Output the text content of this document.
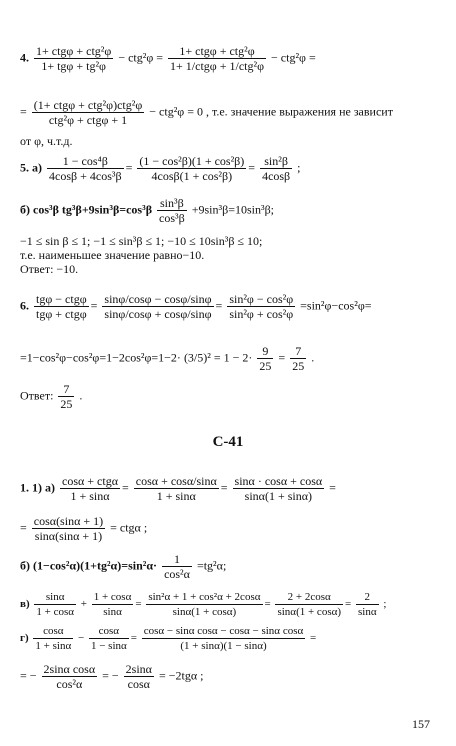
4. 1+ ctgφ + ctg²φ
1+ tgφ + tg²φ
− ctg²φ =	1+ ctgφ + ctg²φ
1+ 1/ctgφ + 1/ctg²φ
− ctg²φ =
= (1+ ctgφ + ctg²φ)ctg²φ
ctg²φ + ctgφ + 1
− ctg²φ = 0 , т.е. значение выражения не зависит
от φ, ч.т.д.
5. $а) \frac{\text{1 − cos⁴β}}{\text{4cosβ + 4cos³β}} = \frac{\text{(1 − cos²β)(1 + cos²β)}}{\text{4cosβ(1 + cos²β)}} = \frac{\text{sin²β}}{4\cos\beta}$ ;
б) cos³β $tg^3\beta+9\sin^3\beta=\cos^3\beta \frac{\text{sin³β}}{\text{cos³β}} +9\sin^3\beta=10\sin^3\beta$;
−1 ≤ sin β ≤ 1; −1 ≤ sin³β ≤ 1; −10 ≤ 10sin³β ≤ 10;
т.е. наименьшее значение равно−10.
Ответ: −10.
6. tgφ − ctgφ
tgφ + ctgφ
= $\frac{\sin\varphi/\cos\varphi - \cos\varphi/\sin\varphi}{\sin\varphi/\cos\varphi + \cos\varphi/\sin\varphi} = \frac{\text{sin²φ − cos²φ}}{\text{sin²φ + cos²φ}} =\sin^2\varphi-\cos^2\varphi=$
$=1-\cos^2\varphi-\cos^2\varphi=1-2\cos^2\varphi=1-2\cdot (3/5)^2 = 1 - 2\cdot \frac{9}{25} = \frac{7}{25}$ .
Ответ: $\frac{7}{25}$ .
С-41
1. 1) а) cosα + ctgα
1 + sinα
= $\frac{\cos\alpha + \cos\alpha/\sin\alpha}{1 + \sin\alpha} = \frac{\sin\alpha \cdot \cos\alpha + \cos\alpha}{\sin\alpha(1 + \sin\alpha)}$ =
= $\frac{\cos\alpha(\sin\alpha + 1)}{\sin\alpha(\sin\alpha + 1)} = ctg\alpha$ ;
б) $(1-\cos^2\alpha)(1+tg^2\alpha)=\sin^2\alpha\cdot \frac{1}{\text{cos²α}} =tg^2\alpha$;
$в) \frac{\sin\alpha}{1 + \cos\alpha} + \frac{1 + \cos\alpha}{\sin\alpha} = \frac{\text{sin²α + 1 + cos²α + 2cosα}}{\sin\alpha(1 + \cos\alpha)} = \frac{2 + 2\cos\alpha}{\sin\alpha(1 + \cos\alpha)} = \frac{2}{\sin\alpha}$ ;
$г) \frac{\cos\alpha}{1 + \sin\alpha} - \frac{\cos\alpha}{1 - \sin\alpha} = \frac{\text{cosα − sinα cosα − cosα − sinα cosα}}{(1 + \sin\alpha)(1 - \sin\alpha)}$ =
= − $\frac{\text{2sinα cosα}}{\text{cos²α}}$ = − $\frac{2\sin\alpha}{\cos\alpha} = -2tg\alpha$ ;
157
